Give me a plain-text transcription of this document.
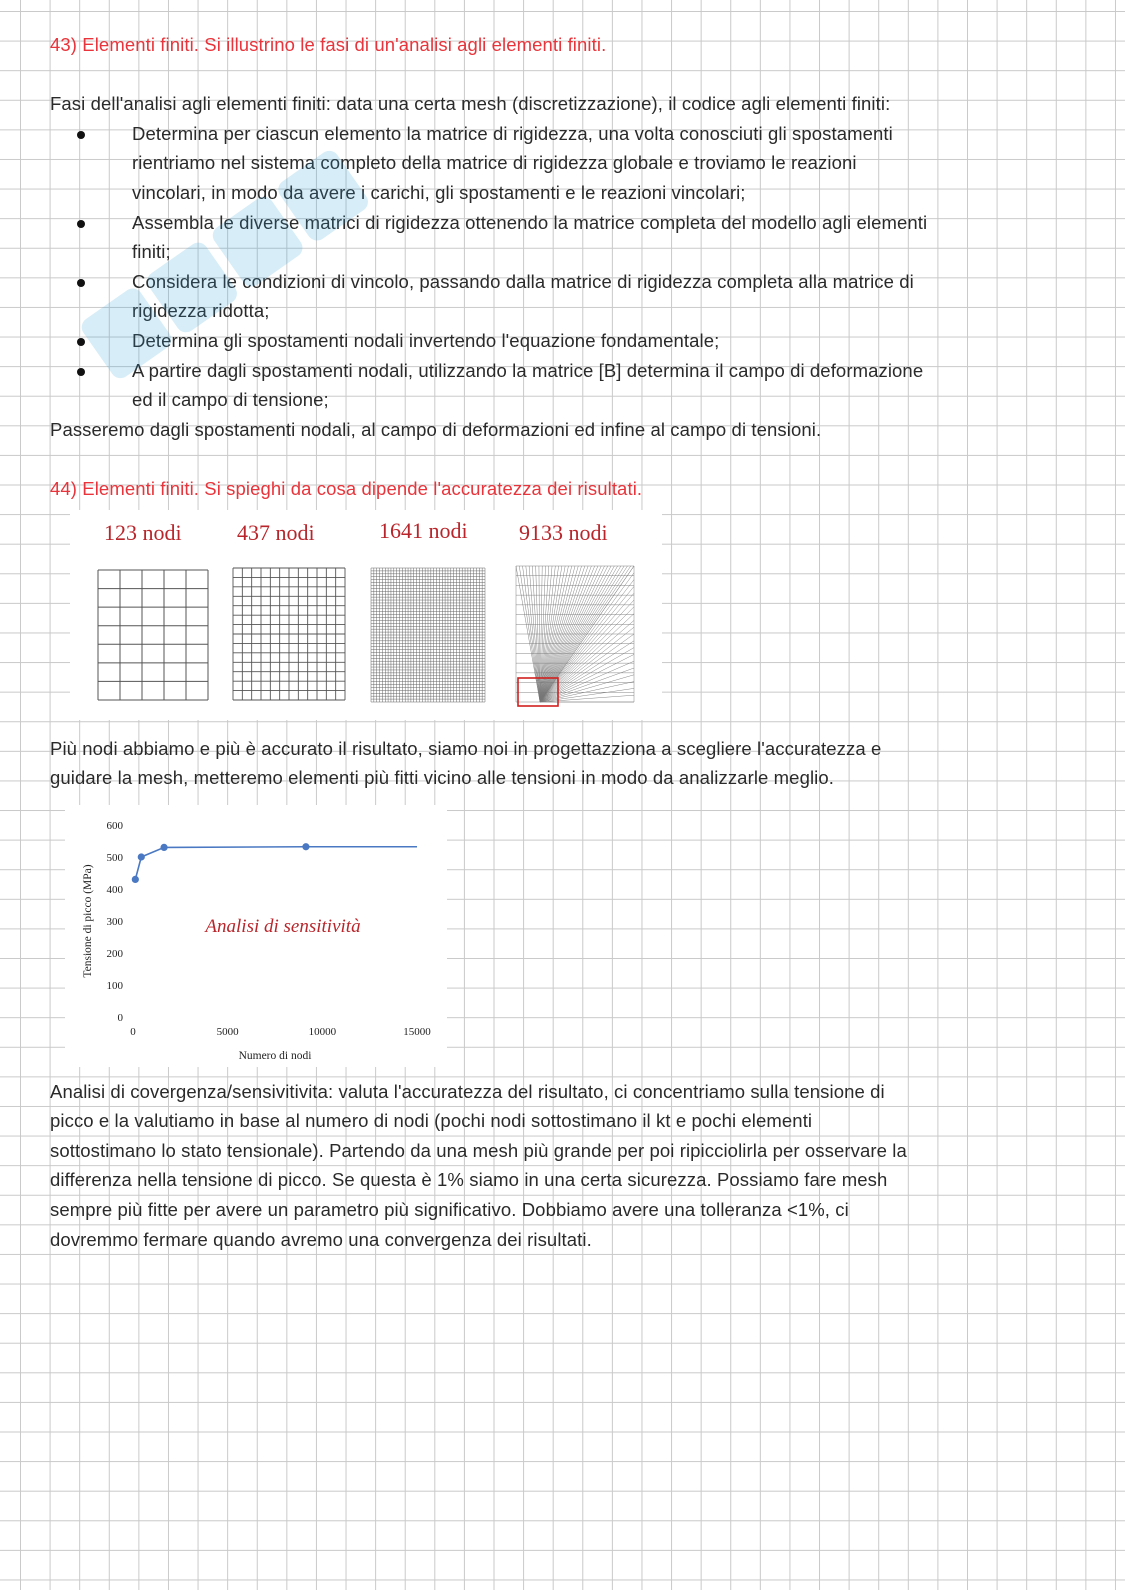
43) Elementi finiti. Si illustrino le fasi di un'analisi agli elementi finiti.

Fasi dell'analisi agli elementi finiti: data una certa mesh (discretizzazione), il codice agli elementi finiti:

Determina per ciascun elemento la matrice di rigidezza, una volta conosciuti gli spostamenti

rientriamo nel sistema completo della matrice di rigidezza globale e troviamo le reazioni

vincolari, in modo da avere i carichi, gli spostamenti e le reazioni vincolari;

Assembla le diverse matrici di rigidezza ottenendo la matrice completa del modello agli elementi

finiti;

Considera le condizioni di vincolo, passando dalla matrice di rigidezza completa alla matrice di

rigidezza ridotta;

Determina gli spostamenti nodali invertendo l'equazione fondamentale;

A partire dagli spostamenti nodali, utilizzando la matrice [B] determina il campo di deformazione

ed il campo di tensione;

Passeremo dagli spostamenti nodali, al campo di deformazioni ed infine al campo di tensioni.

44) Elementi finiti. Si spieghi da cosa dipende l'accuratezza dei risultati.

123 nodi	437 nodi	1641 nodi 9133 nodi

Più nodi abbiamo e più è accurato il risultato, siamo noi in progettazziona a scegliere l'accuratezza e

guidare la mesh, metteremo elementi più fitti vicino alle tensioni in modo da analizzarle meglio.

0
100
200
300
400
500
600
0	5000	10000	15000
Numero di nodi
Tensione di picco (MPa)	Analisi di sensitività

Analisi di covergenza/sensivitivita: valuta l'accuratezza del risultato, ci concentriamo sulla tensione di

picco e la valutiamo in base al numero di nodi (pochi nodi sottostimano il kt e pochi elementi

sottostimano lo stato tensionale). Partendo da una mesh più grande per poi ripicciolirla per osservare la

differenza nella tensione di picco. Se questa è 1% siamo in una certa sicurezza. Possiamo fare mesh

sempre più fitte per avere un parametro più significativo. Dobbiamo avere una tolleranza <1%, ci

dovremmo fermare quando avremo una convergenza dei risultati.
